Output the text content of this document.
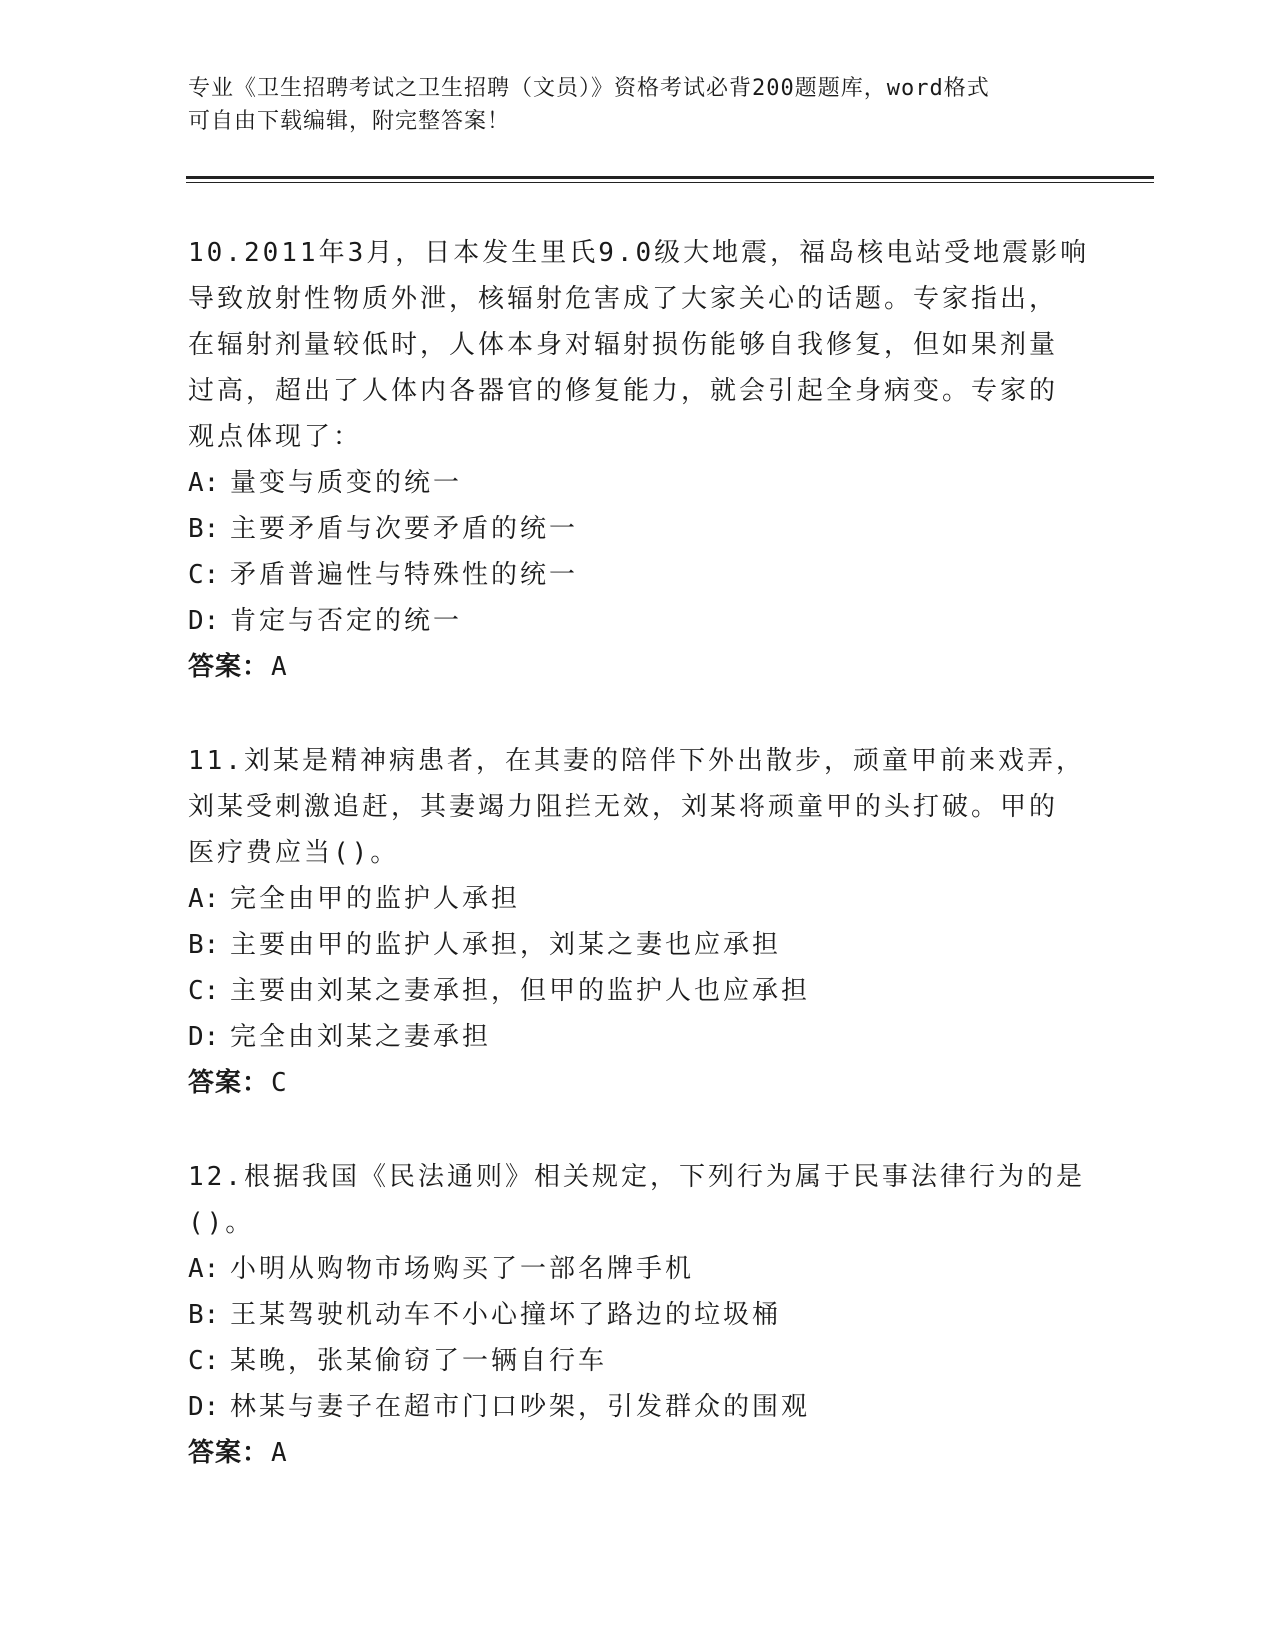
专业《卫生招聘考试之卫生招聘（文员）》资格考试必背200题题库，word格式
可自由下载编辑，附完整答案！
10.2011年3月，日本发生里氏9.0级大地震，福岛核电站受地震影响
导致放射性物质外泄，核辐射危害成了大家关心的话题。专家指出，
在辐射剂量较低时，人体本身对辐射损伤能够自我修复，但如果剂量
过高，超出了人体内各器官的修复能力，就会引起全身病变。专家的
观点体现了：
A: 量变与质变的统一
B: 主要矛盾与次要矛盾的统一
C: 矛盾普遍性与特殊性的统一
D: 肯定与否定的统一
答案：A
11.刘某是精神病患者，在其妻的陪伴下外出散步，顽童甲前来戏弄，
刘某受刺激追赶，其妻竭力阻拦无效，刘某将顽童甲的头打破。甲的
医疗费应当()。
A: 完全由甲的监护人承担
B: 主要由甲的监护人承担，刘某之妻也应承担
C: 主要由刘某之妻承担，但甲的监护人也应承担
D: 完全由刘某之妻承担
答案：C
12.根据我国《民法通则》相关规定，下列行为属于民事法律行为的是
()。
A: 小明从购物市场购买了一部名牌手机
B: 王某驾驶机动车不小心撞坏了路边的垃圾桶
C: 某晚，张某偷窃了一辆自行车
D: 林某与妻子在超市门口吵架，引发群众的围观
答案：A
